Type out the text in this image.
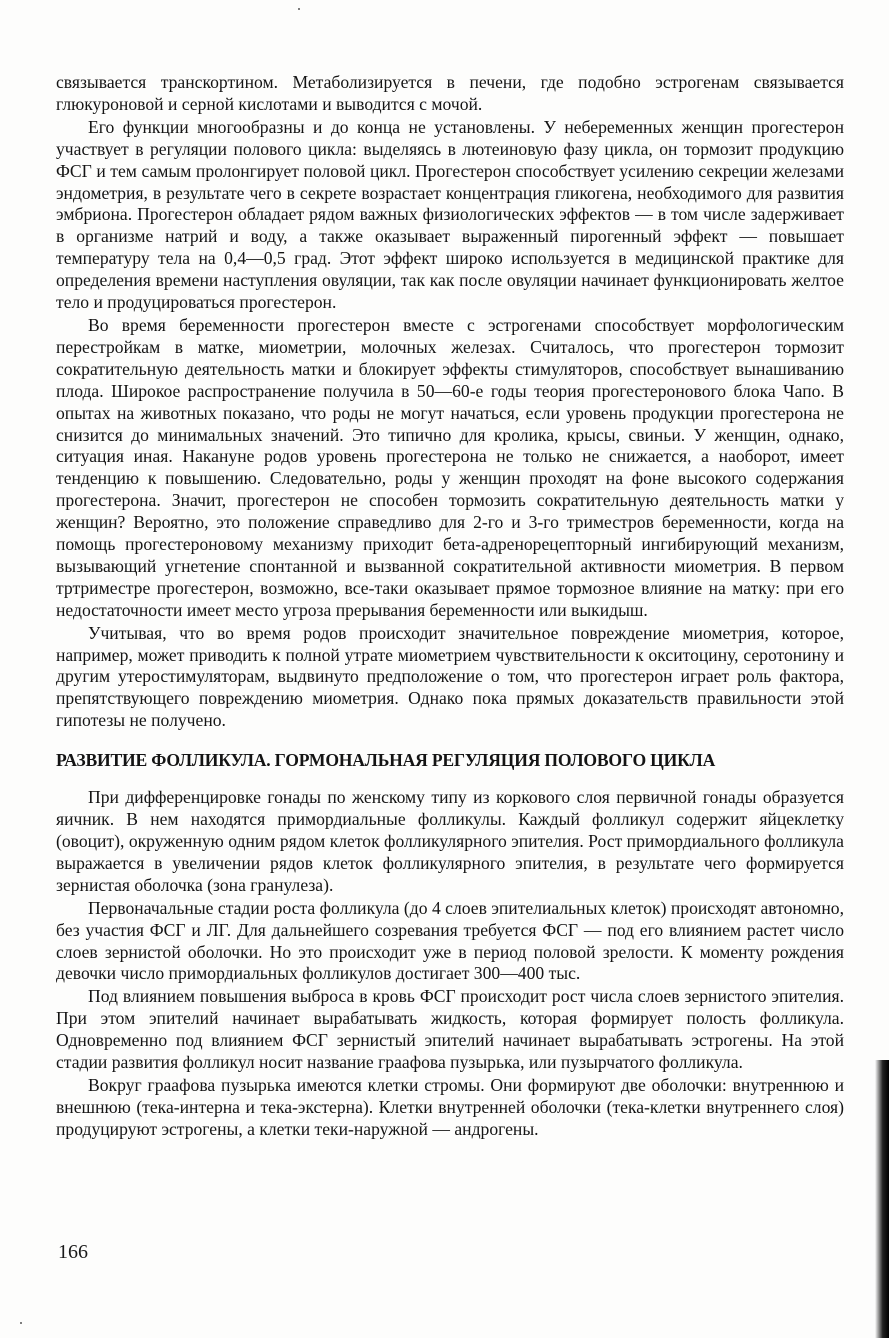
связывается транскортином. Метаболизируется в печени, где подобно эстрогенам связывается глюкуроновой и серной кислотами и выводится с мочой.

Его функции многообразны и до конца не установлены. У небеременных женщин прогестерон участвует в регуляции полового цикла: выделяясь в лютеиновую фазу цикла, он тормозит продукцию ФСГ и тем самым пролонгирует половой цикл. Прогестерон способствует усилению секреции железами эндометрия, в результате чего в секрете возрастает концентрация гликогена, необходимого для развития эмбриона. Прогестерон обладает рядом важных физиологических эффектов — в том числе задерживает в организме натрий и воду, а также оказывает выраженный пирогенный эффект — повышает температуру тела на 0,4—0,5 град. Этот эффект широко используется в медицинской практике для определения времени наступления овуляции, так как после овуляции начинает функционировать желтое тело и продуцироваться прогестерон.

Во время беременности прогестерон вместе с эстрогенами способствует морфологическим перестройкам в матке, миометрии, молочных железах. Считалось, что прогестерон тормозит сократительную деятельность матки и блокирует эффекты стимуляторов, способствует вынашиванию плода. Широкое распространение получила в 50—60-е годы теория прогестеронового блока Чапо. В опытах на животных показано, что роды не могут начаться, если уровень продукции прогестерона не снизится до минимальных значений. Это типично для кролика, крысы, свиньи. У женщин, однако, ситуация иная. Накануне родов уровень прогестерона не только не снижается, а наоборот, имеет тенденцию к повышению. Следовательно, роды у женщин проходят на фоне высокого содержания прогестерона. Значит, прогестерон не способен тормозить сократительную деятельность матки у женщин? Вероятно, это положение справедливо для 2-го и 3-го триместров беременности, когда на помощь прогестероновому механизму приходит бета-адренорецепторный ингибирующий механизм, вызывающий угнетение спонтанной и вызванной сократительной активности миометрия. В первом тртриместре прогестерон, возможно, все-таки оказывает прямое тормозное влияние на матку: при его недостаточности имеет место угроза прерывания беременности или выкидыш.

Учитывая, что во время родов происходит значительное повреждение миометрия, которое, например, может приводить к полной утрате миометрием чувствительности к окситоцину, серотонину и другим утеростимуляторам, выдвинуто предположение о том, что прогестерон играет роль фактора, препятствующего повреждению миометрия. Однако пока прямых доказательств правильности этой гипотезы не получено.

РАЗВИТИЕ ФОЛЛИКУЛА. ГОРМОНАЛЬНАЯ РЕГУЛЯЦИЯ ПОЛОВОГО ЦИКЛА

При дифференцировке гонады по женскому типу из коркового слоя первичной гонады образуется яичник. В нем находятся примордиальные фолликулы. Каждый фолликул содержит яйцеклетку (овоцит), окруженную одним рядом клеток фолликулярного эпителия. Рост примордиального фолликула выражается в увеличении рядов клеток фолликулярного эпителия, в результате чего формируется зернистая оболочка (зона гранулеза).

Первоначальные стадии роста фолликула (до 4 слоев эпителиальных клеток) происходят автономно, без участия ФСГ и ЛГ. Для дальнейшего созревания требуется ФСГ — под его влиянием растет число слоев зернистой оболочки. Но это происходит уже в период половой зрелости. К моменту рождения девочки число примордиальных фолликулов достигает 300—400 тыс.

Под влиянием повышения выброса в кровь ФСГ происходит рост числа слоев зернистого эпителия. При этом эпителий начинает вырабатывать жидкость, которая формирует полость фолликула. Одновременно под влиянием ФСГ зернистый эпителий начинает вырабатывать эстрогены. На этой стадии развития фолликул носит название граафова пузырька, или пузырчатого фолликула.

Вокруг граафова пузырька имеются клетки стромы. Они формируют две оболочки: внутреннюю и внешнюю (тека-интерна и тека-экстерна). Клетки внутренней оболочки (тека-клетки внутреннего слоя) продуцируют эстрогены, а клетки теки-наружной — андрогены.

166
